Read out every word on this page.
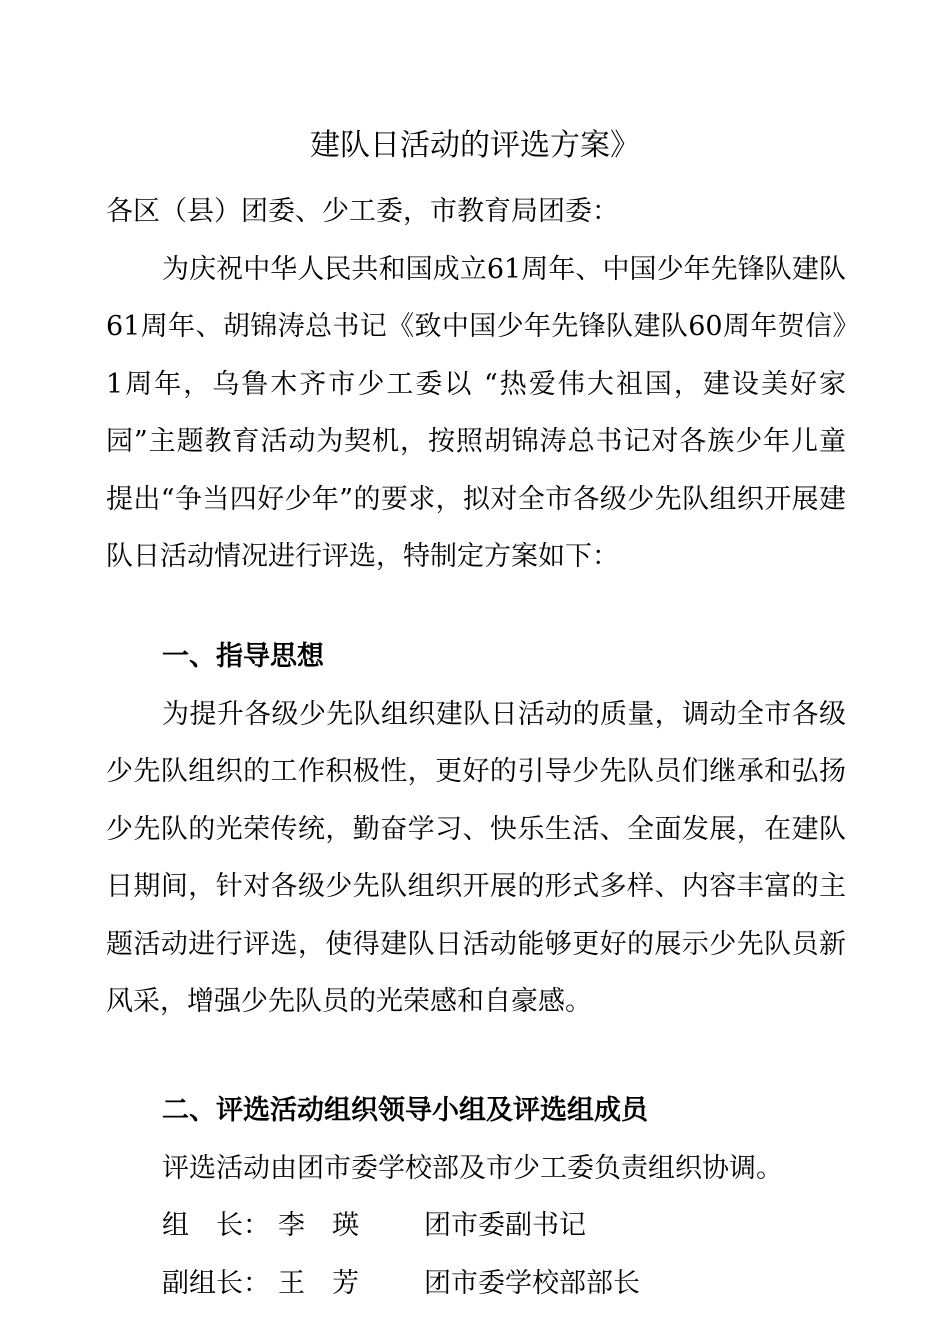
建队日活动的评选方案》

各区（县）团委、少工委，市教育局团委：

为庆祝中华人民共和国成立61周年、中国少年先锋队建队61周年、胡锦涛总书记《致中国少年先锋队建队60周年贺信》1周年，乌鲁木齐市少工委以 “热爱伟大祖国，建设美好家园”主题教育活动为契机，按照胡锦涛总书记对各族少年儿童提出“争当四好少年”的要求，拟对全市各级少先队组织开展建队日活动情况进行评选，特制定方案如下：

一、指导思想

为提升各级少先队组织建队日活动的质量，调动全市各级少先队组织的工作积极性，更好的引导少先队员们继承和弘扬少先队的光荣传统，勤奋学习、快乐生活、全面发展，在建队日期间，针对各级少先队组织开展的形式多样、内容丰富的主题活动进行评选，使得建队日活动能够更好的展示少先队员新风采，增强少先队员的光荣感和自豪感。

二、评选活动组织领导小组及评选组成员

评选活动由团市委学校部及市少工委负责组织协调。

组　长： 李　瑛	团市委副书记
副组长： 王　芳	团市委学校部部长
